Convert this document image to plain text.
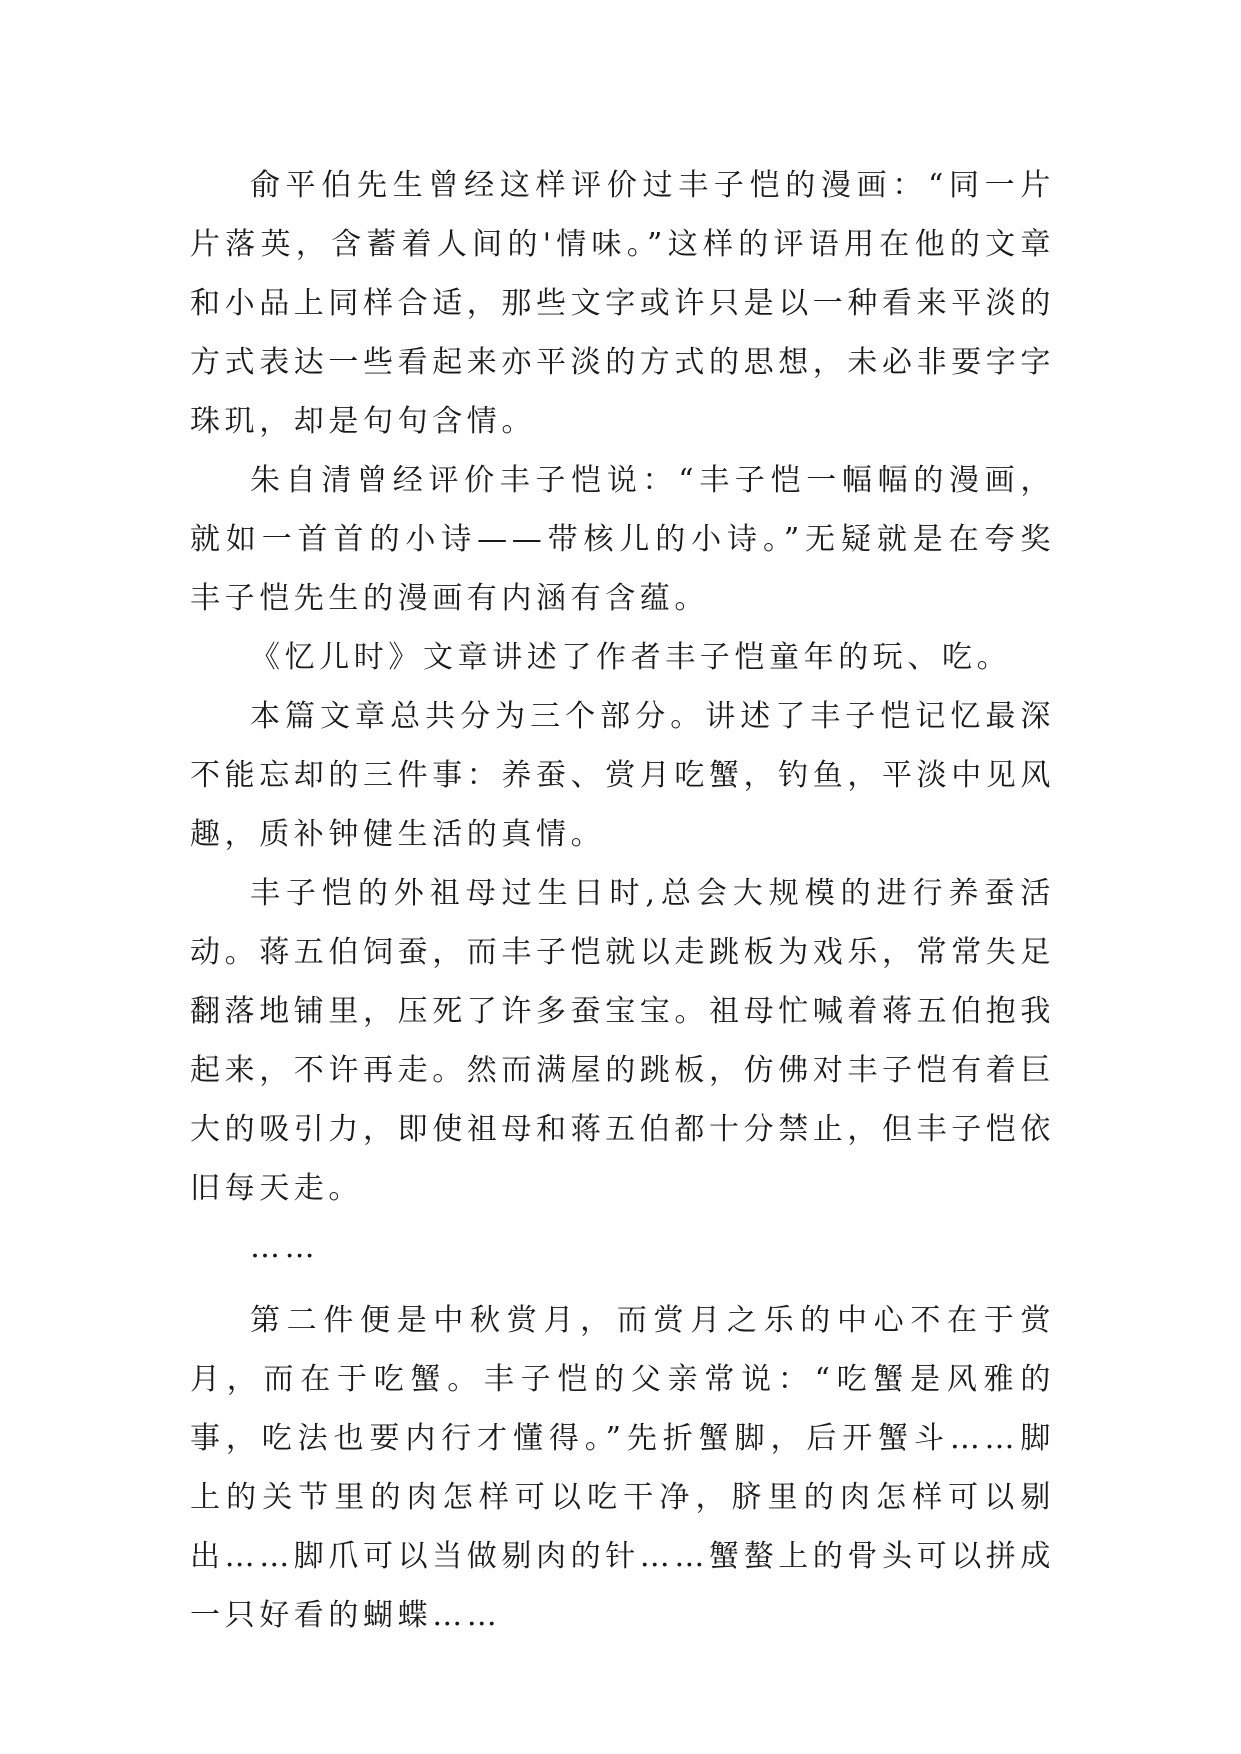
俞平伯先生曾经这样评价过丰子恺的漫画：“同一片片落英，含蓄着人间的'情味。”这样的评语用在他的文章和小品上同样合适，那些文字或许只是以一种看来平淡的方式表达一些看起来亦平淡的方式的思想，未必非要字字珠玑，却是句句含情。

朱自清曾经评价丰子恺说：“丰子恺一幅幅的漫画，就如一首首的小诗——带核儿的小诗。”无疑就是在夸奖丰子恺先生的漫画有内涵有含蕴。

《忆儿时》文章讲述了作者丰子恺童年的玩、吃。

本篇文章总共分为三个部分。讲述了丰子恺记忆最深不能忘却的三件事：养蚕、赏月吃蟹，钓鱼，平淡中见风趣，质补钟健生活的真情。

丰子恺的外祖母过生日时,总会大规模的进行养蚕活动。蒋五伯饲蚕，而丰子恺就以走跳板为戏乐，常常失足翻落地铺里，压死了许多蚕宝宝。祖母忙喊着蒋五伯抱我起来，不许再走。然而满屋的跳板，仿佛对丰子恺有着巨大的吸引力，即使祖母和蒋五伯都十分禁止，但丰子恺依旧每天走。

……

第二件便是中秋赏月，而赏月之乐的中心不在于赏月，而在于吃蟹。丰子恺的父亲常说：“吃蟹是风雅的事，吃法也要内行才懂得。”先折蟹脚，后开蟹斗……脚上的关节里的肉怎样可以吃干净，脐里的肉怎样可以剔出……脚爪可以当做剔肉的针……蟹螯上的骨头可以拼成一只好看的蝴蝶……
